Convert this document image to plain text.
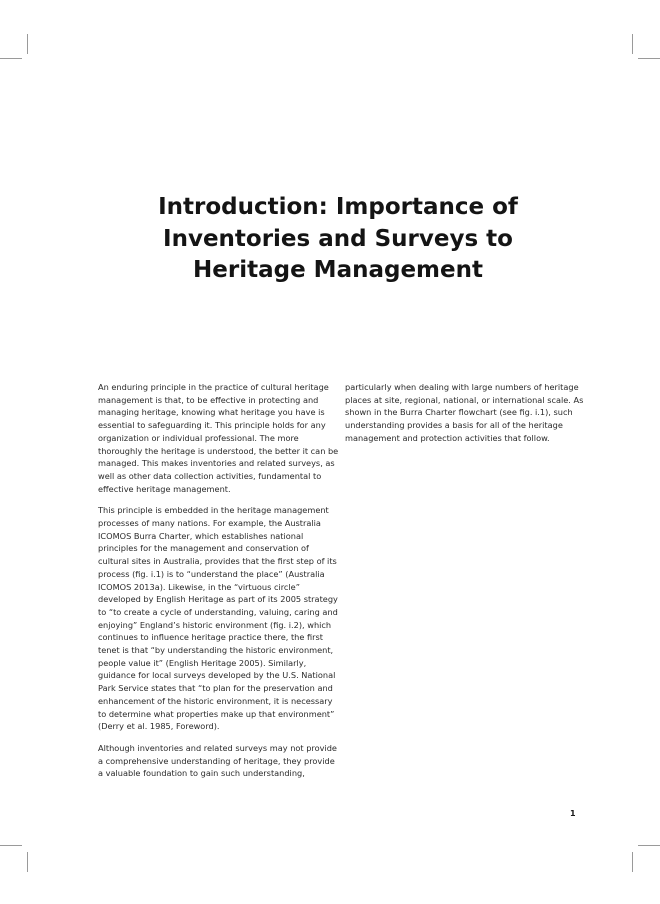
Introduction: Importance of
Inventories and Surveys to
Heritage Management

An enduring principle in the practice of cultural heritage
management is that, to be effective in protecting and
managing heritage, knowing what heritage you have is
essential to safeguarding it. This principle holds for any
organization or individual professional. The more
thoroughly the heritage is understood, the better it can be
managed. This makes inventories and related surveys, as
well as other data collection activities, fundamental to
effective heritage management.

This principle is embedded in the heritage management
processes of many nations. For example, the Australia
ICOMOS Burra Charter, which establishes national
principles for the management and conservation of
cultural sites in Australia, provides that the first step of its
process (fig. i.1) is to “understand the place” (Australia
ICOMOS 2013a). Likewise, in the “virtuous circle”
developed by English Heritage as part of its 2005 strategy
to “to create a cycle of understanding, valuing, caring and
enjoying” England’s historic environment (fig. i.2), which
continues to influence heritage practice there, the first
tenet is that “by understanding the historic environment,
people value it” (English Heritage 2005). Similarly,
guidance for local surveys developed by the U.S. National
Park Service states that “to plan for the preservation and
enhancement of the historic environment, it is necessary
to determine what properties make up that environment”
(Derry et al. 1985, Foreword).

Although inventories and related surveys may not provide
a comprehensive understanding of heritage, they provide
a valuable foundation to gain such understanding,

particularly when dealing with large numbers of heritage
places at site, regional, national, or international scale. As
shown in the Burra Charter flowchart (see fig. i.1), such
understanding provides a basis for all of the heritage
management and protection activities that follow.

1
